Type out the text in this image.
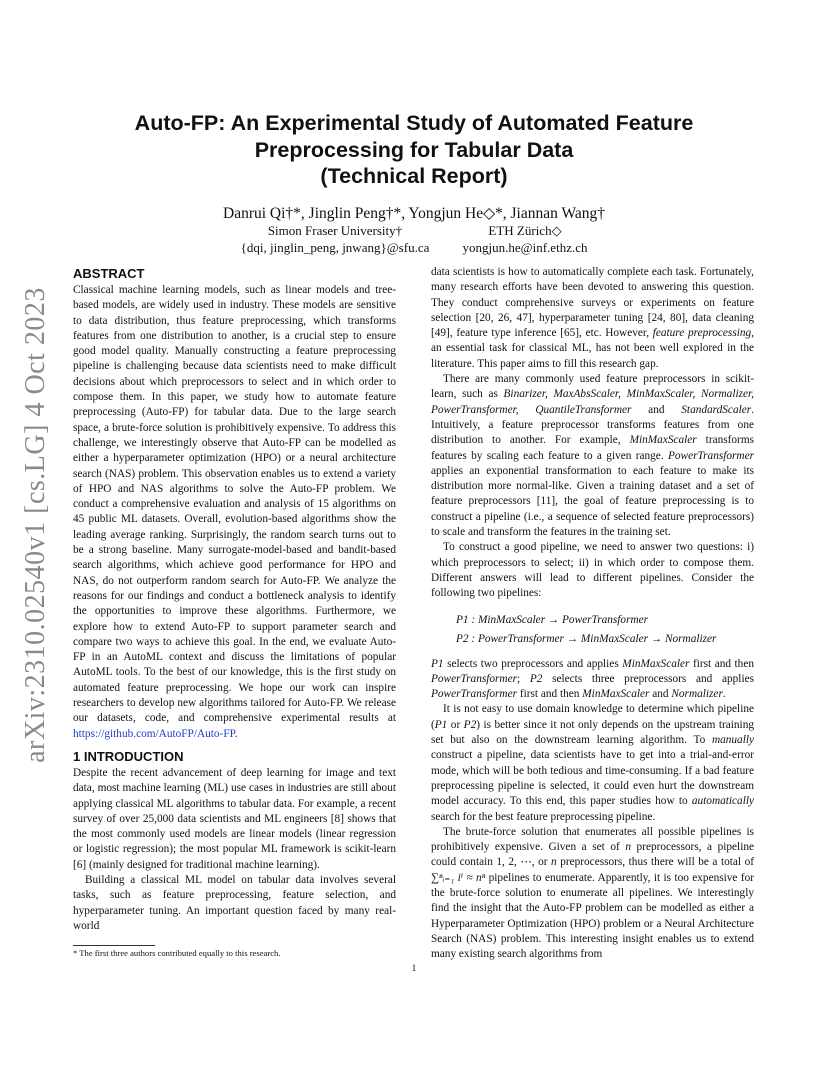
arXiv:2310.02540v1 [cs.LG] 4 Oct 2023
Auto-FP: An Experimental Study of Automated Feature
Preprocessing for Tabular Data
(Technical Report)
Danrui Qi†*, Jinglin Peng†*, Yongjun He◇*, Jiannan Wang†
Simon Fraser University†
{dqi, jinglin_peng, jnwang}@sfu.ca
ETH Zürich◇
yongjun.he@inf.ethz.ch
ABSTRACT

Classical machine learning models, such as linear models and tree-based models, are widely used in industry. These models are sensitive to data distribution, thus feature preprocessing, which transforms features from one distribution to another, is a crucial step to ensure good model quality. Manually constructing a feature preprocessing pipeline is challenging because data scientists need to make difficult decisions about which preprocessors to select and in which order to compose them. In this paper, we study how to automate feature preprocessing (Auto-FP) for tabular data. Due to the large search space, a brute-force solution is prohibitively expensive. To address this challenge, we interestingly observe that Auto-FP can be modelled as either a hyperparameter optimization (HPO) or a neural architecture search (NAS) problem. This observation enables us to extend a variety of HPO and NAS algorithms to solve the Auto-FP problem. We conduct a comprehensive evaluation and analysis of 15 algorithms on 45 public ML datasets. Overall, evolution-based algorithms show the leading average ranking. Surprisingly, the random search turns out to be a strong baseline. Many surrogate-model-based and bandit-based search algorithms, which achieve good performance for HPO and NAS, do not outperform random search for Auto-FP. We analyze the reasons for our findings and conduct a bottleneck analysis to identify the opportunities to improve these algorithms. Furthermore, we explore how to extend Auto-FP to support parameter search and compare two ways to achieve this goal. In the end, we evaluate Auto-FP in an AutoML context and discuss the limitations of popular AutoML tools. To the best of our knowledge, this is the first study on automated feature preprocessing. We hope our work can inspire researchers to develop new algorithms tailored for Auto-FP. We release our datasets, code, and comprehensive experimental results at https://github.com/AutoFP/Auto-FP.

1 INTRODUCTION

Despite the recent advancement of deep learning for image and text data, most machine learning (ML) use cases in industries are still about applying classical ML algorithms to tabular data. For example, a recent survey of over 25,000 data scientists and ML engineers [8] shows that the most commonly used models are linear models (linear regression or logistic regression); the most popular ML framework is scikit-learn [6] (mainly designed for traditional machine learning).

Building a classical ML model on tabular data involves several tasks, such as feature preprocessing, feature selection, and hyperparameter tuning. An important question faced by many real-world

data scientists is how to automatically complete each task. Fortunately, many research efforts have been devoted to answering this question. They conduct comprehensive surveys or experiments on feature selection [20, 26, 47], hyperparameter tuning [24, 80], data cleaning [49], feature type inference [65], etc. However, feature preprocessing, an essential task for classical ML, has not been well explored in the literature. This paper aims to fill this research gap.

There are many commonly used feature preprocessors in scikit-learn, such as Binarizer, MaxAbsScaler, MinMaxScaler, Normalizer, PowerTransformer, QuantileTransformer and StandardScaler. Intuitively, a feature preprocessor transforms features from one distribution to another. For example, MinMaxScaler transforms features by scaling each feature to a given range. PowerTransformer applies an exponential transformation to each feature to make its distribution more normal-like. Given a training dataset and a set of feature preprocessors [11], the goal of feature preprocessing is to construct a pipeline (i.e., a sequence of selected feature preprocessors) to scale and transform the features in the training set.

To construct a good pipeline, we need to answer two questions: i) which preprocessors to select; ii) in which order to compose them. Different answers will lead to different pipelines. Consider the following two pipelines:

P1 : MinMaxScaler → PowerTransformer
P2 : PowerTransformer → MinMaxScaler → Normalizer

P1 selects two preprocessors and applies MinMaxScaler first and then PowerTransformer; P2 selects three preprocessors and applies PowerTransformer first and then MinMaxScaler and Normalizer.

It is not easy to use domain knowledge to determine which pipeline (P1 or P2) is better since it not only depends on the upstream training set but also on the downstream learning algorithm. To manually construct a pipeline, data scientists have to get into a trial-and-error mode, which will be both tedious and time-consuming. If a bad feature preprocessing pipeline is selected, it could even hurt the downstream model accuracy. To this end, this paper studies how to automatically search for the best feature preprocessing pipeline.

The brute-force solution that enumerates all possible pipelines is prohibitively expensive. Given a set of n preprocessors, a pipeline could contain 1, 2, ⋯, or n preprocessors, thus there will be a total of ∑ⁿᵢ₌₁ iⁱ ≈ nⁿ pipelines to enumerate. Apparently, it is too expensive for the brute-force solution to enumerate all pipelines. We interestingly find the insight that the Auto-FP problem can be modelled as either a Hyperparameter Optimization (HPO) problem or a Neural Architecture Search (NAS) problem. This interesting insight enables us to extend many existing search algorithms from

* The first three authors contributed equally to this research.
1
